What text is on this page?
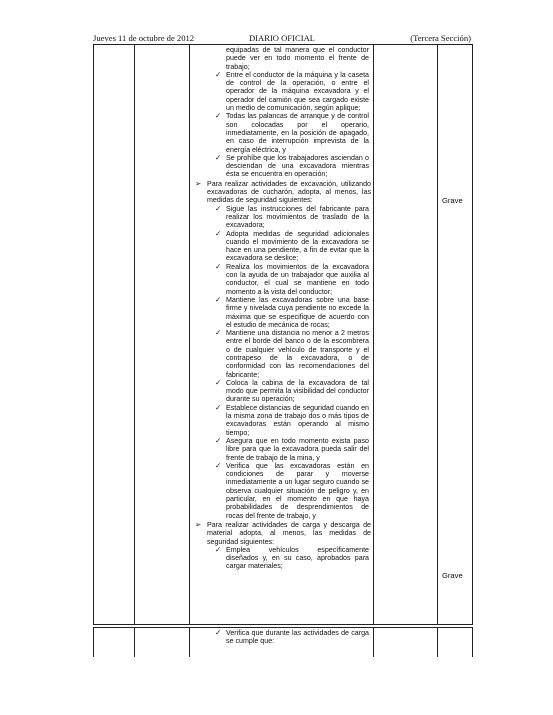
Jueves 11 de octubre de 2012	DIARIO OFICIAL	(Tercera Sección)
equipadas de tal manera que el conductor puede ver en todo momento el frente de trabajo;
✓ Entre el conductor de la máquina y la caseta de control de la operación, o entre el operador de la máquina excavadora y el operador del camión que sea cargado existe un medio de comunicación, según aplique;
✓ Todas las palancas de arranque y de control son colocadas por el operario, inmediatamente, en la posición de apagado, en caso de interrupción imprevista de la energía eléctrica, y
✓ Se prohíbe que los trabajadores asciendan o desciendan de una excavadora mientras ésta se encuentra en operación;
➢ Para realizar actividades de excavación, utilizando excavadoras de cucharón, adopta, al menos, las medidas de seguridad siguientes:
✓ Sigue las instrucciones del fabricante para realizar los movimientos de traslado de la excavadora;
✓ Adopta medidas de seguridad adicionales cuando el movimiento de la excavadora se hace en una pendiente, a fin de evitar que la excavadora se deslice;
✓ Realiza los movimientos de la excavadora con la ayuda de un trabajador que auxilia al conductor, el cual se mantiene en todo momento a la vista del conductor;
✓ Mantiene las excavadoras sobre una base firme y nivelada cuya pendiente no excede la máxima que se especifique de acuerdo con el estudio de mecánica de rocas;
✓ Mantiene una distancia no menor a 2 metros entre el borde del banco o de la escombrera o de cualquier vehículo de transporte y el contrapeso de la excavadora, o de conformidad con las recomendaciones del fabricante;
✓ Coloca la cabina de la excavadora de tal modo que permita la visibilidad del conductor durante su operación;
✓ Establece distancias de seguridad cuando en la misma zona de trabajo dos o más tipos de excavadoras están operando al mismo tiempo;
✓ Asegura que en todo momento exista paso libre para que la excavadora pueda salir del frente de trabajo de la mina, y
✓ Verifica que las excavadoras están en condiciones de parar y moverse inmediatamente a un lugar seguro cuando se observa cualquier situación de peligro y, en particular, en el momento en que haya probabilidades de desprendimientos de rocas del frente de trabajo, y
➢ Para realizar actividades de carga y descarga de material adopta, al menos, las medidas de seguridad siguientes:
✓ Emplea vehículos específicamente diseñados y, en su caso, aprobados para cargar materiales;
Grave
Grave
✓ Verifica que durante las actividades de carga se cumple que:
